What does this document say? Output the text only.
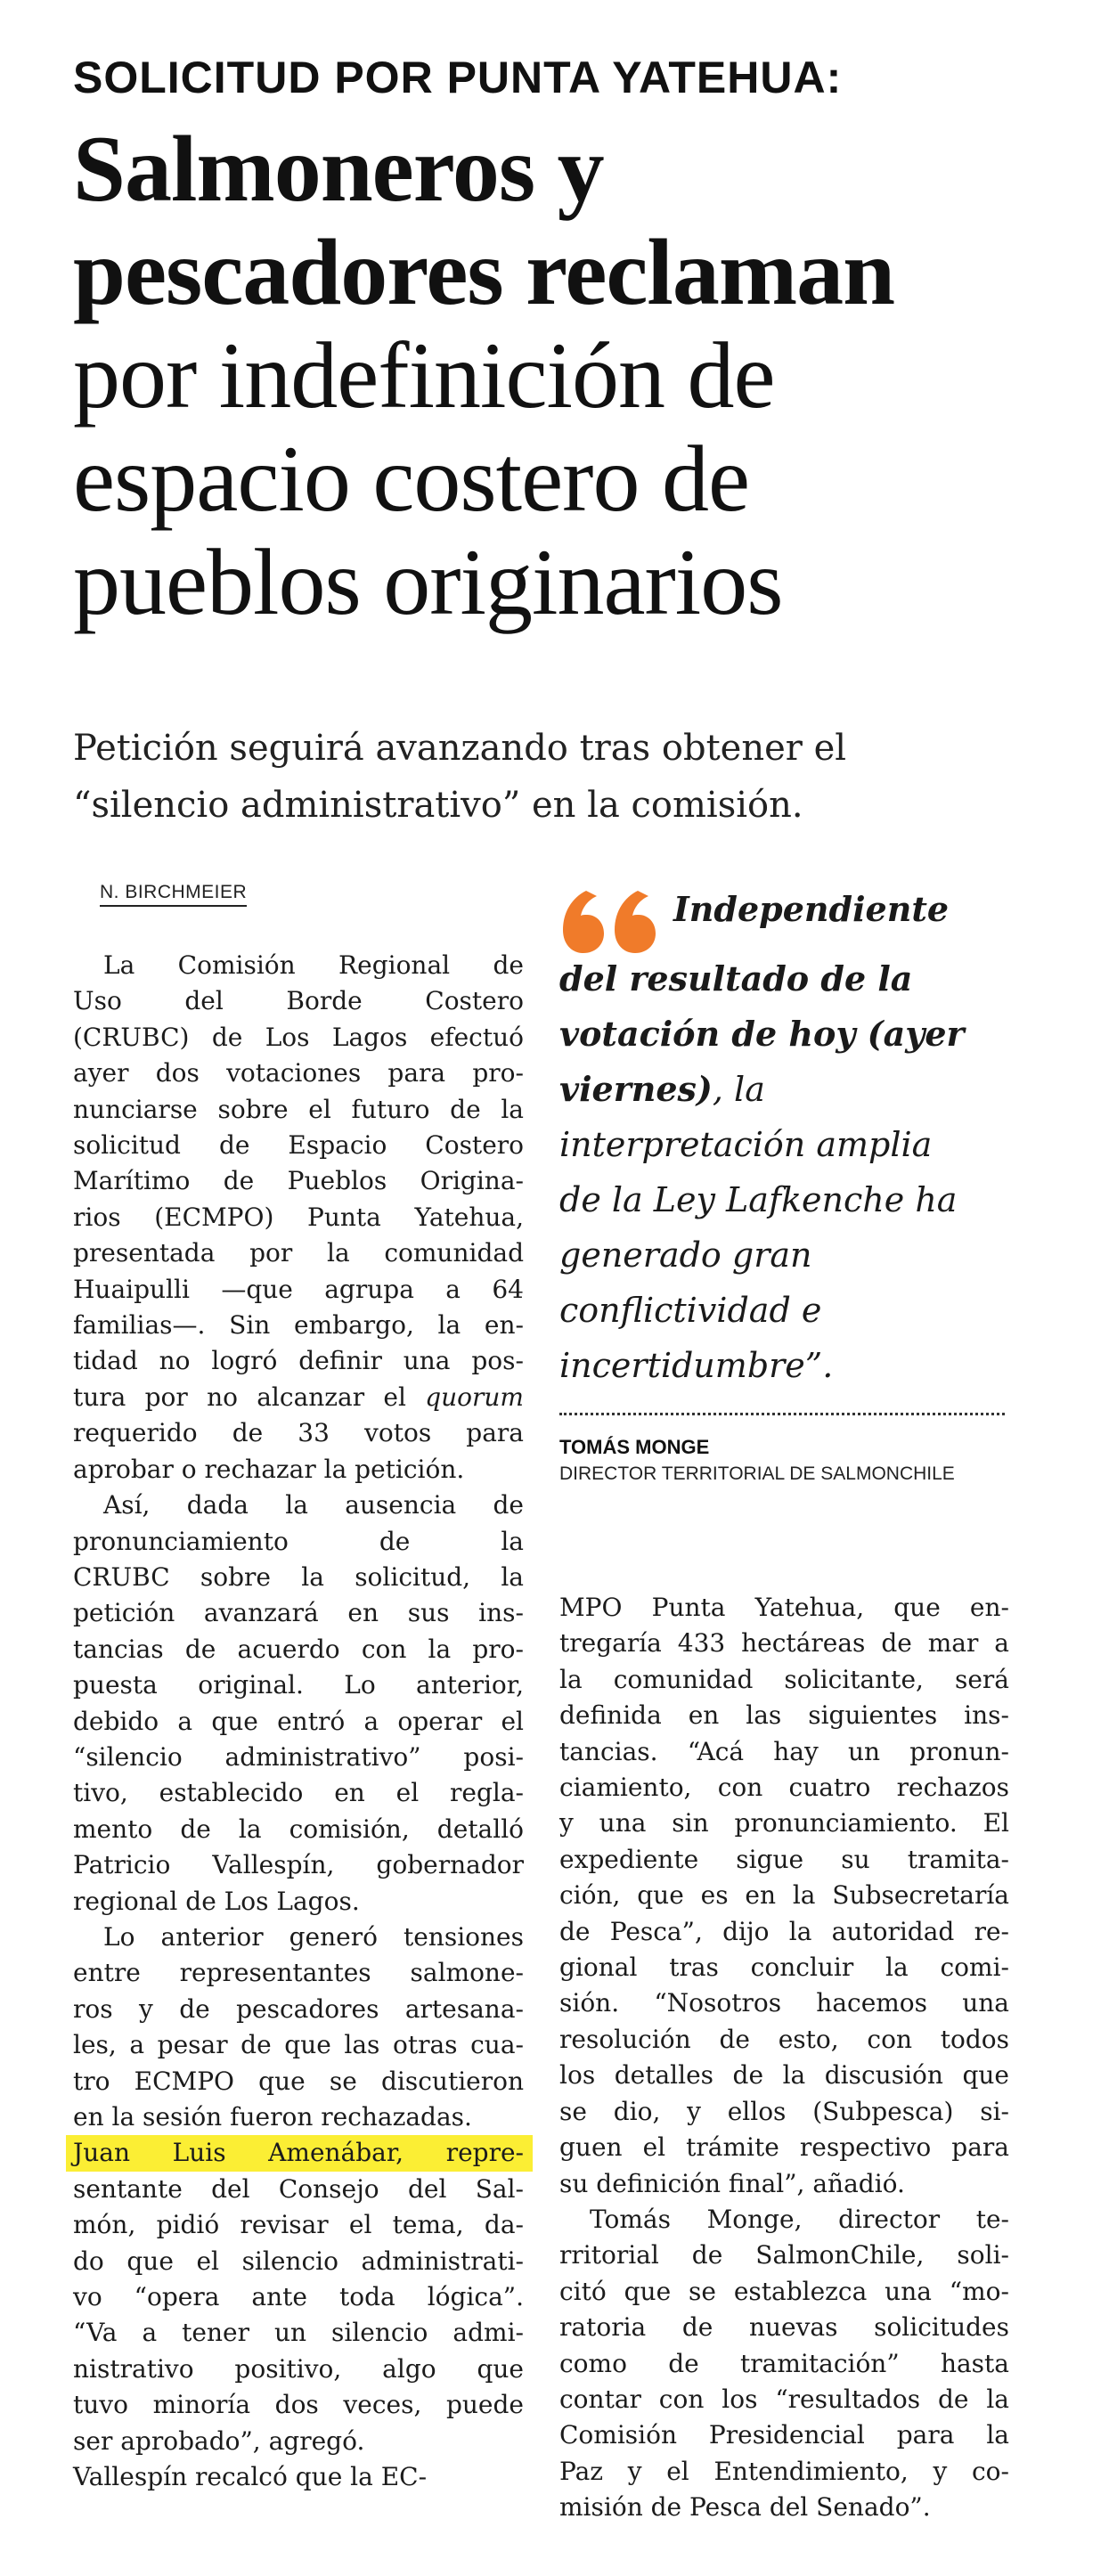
SOLICITUD POR PUNTA YATEHUA:
Salmoneros y
pescadores reclaman
por indefinición de
espacio costero de
pueblos originarios
Petición seguirá avanzando tras obtener el
“silencio administrativo” en la comisión.
N. BIRCHMEIER
La Comisión Regional de
Uso del Borde Costero
(CRUBC) de Los Lagos efectuó
ayer dos votaciones para pro-
nunciarse sobre el futuro de la
solicitud de Espacio Costero
Marítimo de Pueblos Origina-
rios (ECMPO) Punta Yatehua,
presentada por la comunidad
Huaipulli —que agrupa a 64
familias—. Sin embargo, la en-
tidad no logró definir una pos-
tura por no alcanzar el quorum
requerido de 33 votos para
aprobar o rechazar la petición.
Así, dada la ausencia de
pronunciamiento de la
CRUBC sobre la solicitud, la
petición avanzará en sus ins-
tancias de acuerdo con la pro-
puesta original. Lo anterior,
debido a que entró a operar el
“silencio administrativo” posi-
tivo, establecido en el regla-
mento de la comisión, detalló
Patricio Vallespín, gobernador
regional de Los Lagos.
Lo anterior generó tensiones
entre representantes salmone-
ros y de pescadores artesana-
les, a pesar de que las otras cua-
tro ECMPO que se discutieron
en la sesión fueron rechazadas.
Juan Luis Amenábar, repre-
sentante del Consejo del Sal-
món, pidió revisar el tema, da-
do que el silencio administrati-
vo “opera ante toda lógica”.
“Va a tener un silencio admi-
nistrativo positivo, algo que
tuvo minoría dos veces, puede
ser aprobado”, agregó.
Vallespín recalcó que la EC-
Independiente
del resultado de la
votación de hoy (ayer
viernes), la
interpretación amplia
de la Ley Lafkenche ha
generado gran
conflictividad e
incertidumbre”.
TOMÁS MONGE
DIRECTOR TERRITORIAL DE SALMONCHILE
MPO Punta Yatehua, que en-
tregaría 433 hectáreas de mar a
la comunidad solicitante, será
definida en las siguientes ins-
tancias. “Acá hay un pronun-
ciamiento, con cuatro rechazos
y una sin pronunciamiento. El
expediente sigue su tramita-
ción, que es en la Subsecretaría
de Pesca”, dijo la autoridad re-
gional tras concluir la comi-
sión. “Nosotros hacemos una
resolución de esto, con todos
los detalles de la discusión que
se dio, y ellos (Subpesca) si-
guen el trámite respectivo para
su definición final”, añadió.
Tomás Monge, director te-
rritorial de SalmonChile, soli-
citó que se establezca una “mo-
ratoria de nuevas solicitudes
como de tramitación” hasta
contar con los “resultados de la
Comisión Presidencial para la
Paz y el Entendimiento, y co-
misión de Pesca del Senado”.
